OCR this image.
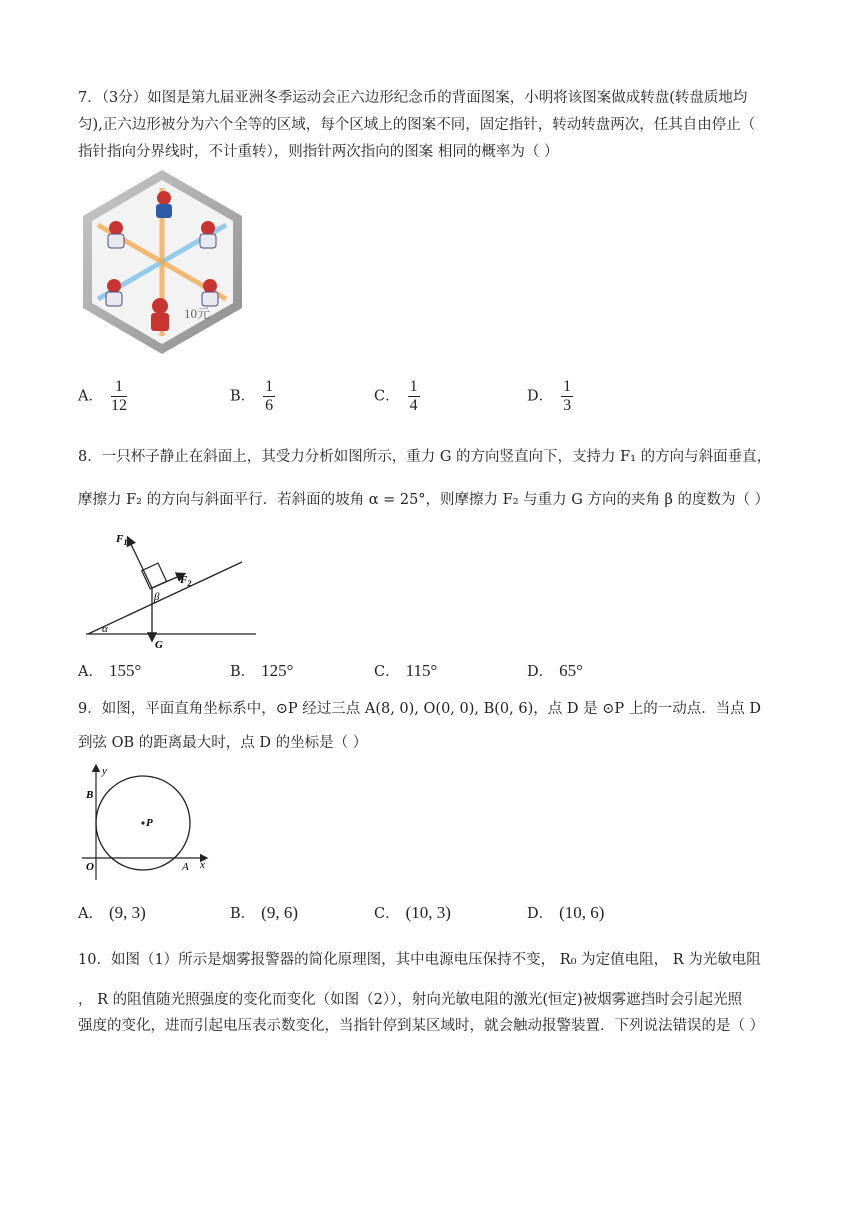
7．（3分）如图是第九届亚洲冬季运动会正六边形纪念币的背面图案，小明将该图案做成转盘(转盘质地均
匀),正六边形被分为六个全等的区域，每个区域上的图案不同，固定指针，转动转盘两次，任其自由停止（
指针指向分界线时，不计重转），则指针两次指向的图案 相同的概率为（ ）
10元
A． $\frac{1}{12}$	B． $\frac{1}{6}$	C． $\frac{1}{4}$	D． $\frac{1}{3}$
8．一只杯子静止在斜面上，其受力分析如图所示，重力 G 的方向竖直向下，支持力 F₁ 的方向与斜面垂直，
摩擦力 F₂ 的方向与斜面平行．若斜面的坡角 α = 25°，则摩擦力 F₂ 与重力 G 方向的夹角 β 的度数为（ ）
$F_1$
$F_2$
β
α
G
A． 155°	B． 125°	C． 115°	D． 65°
9．如图，平面直角坐标系中，⊙P 经过三点 A(8, 0), O(0, 0), B(0, 6)，点 D 是 ⊙P 上的一动点．当点 D
到弦 OB 的距离最大时，点 D 的坐标是（ ）
y
x
B
O	A
P
A． (9, 3)	B． (9, 6)	C． (10, 3)	D． (10, 6)
10．如图（1）所示是烟雾报警器的简化原理图，其中电源电压保持不变， R₀ 为定值电阻， R 为光敏电阻
， R 的阻值随光照强度的变化而变化（如图（2）），射向光敏电阻的激光(恒定)被烟雾遮挡时会引起光照
强度的变化，进而引起电压表示数变化，当指针停到某区域时，就会触动报警装置．下列说法错误的是（ ）
